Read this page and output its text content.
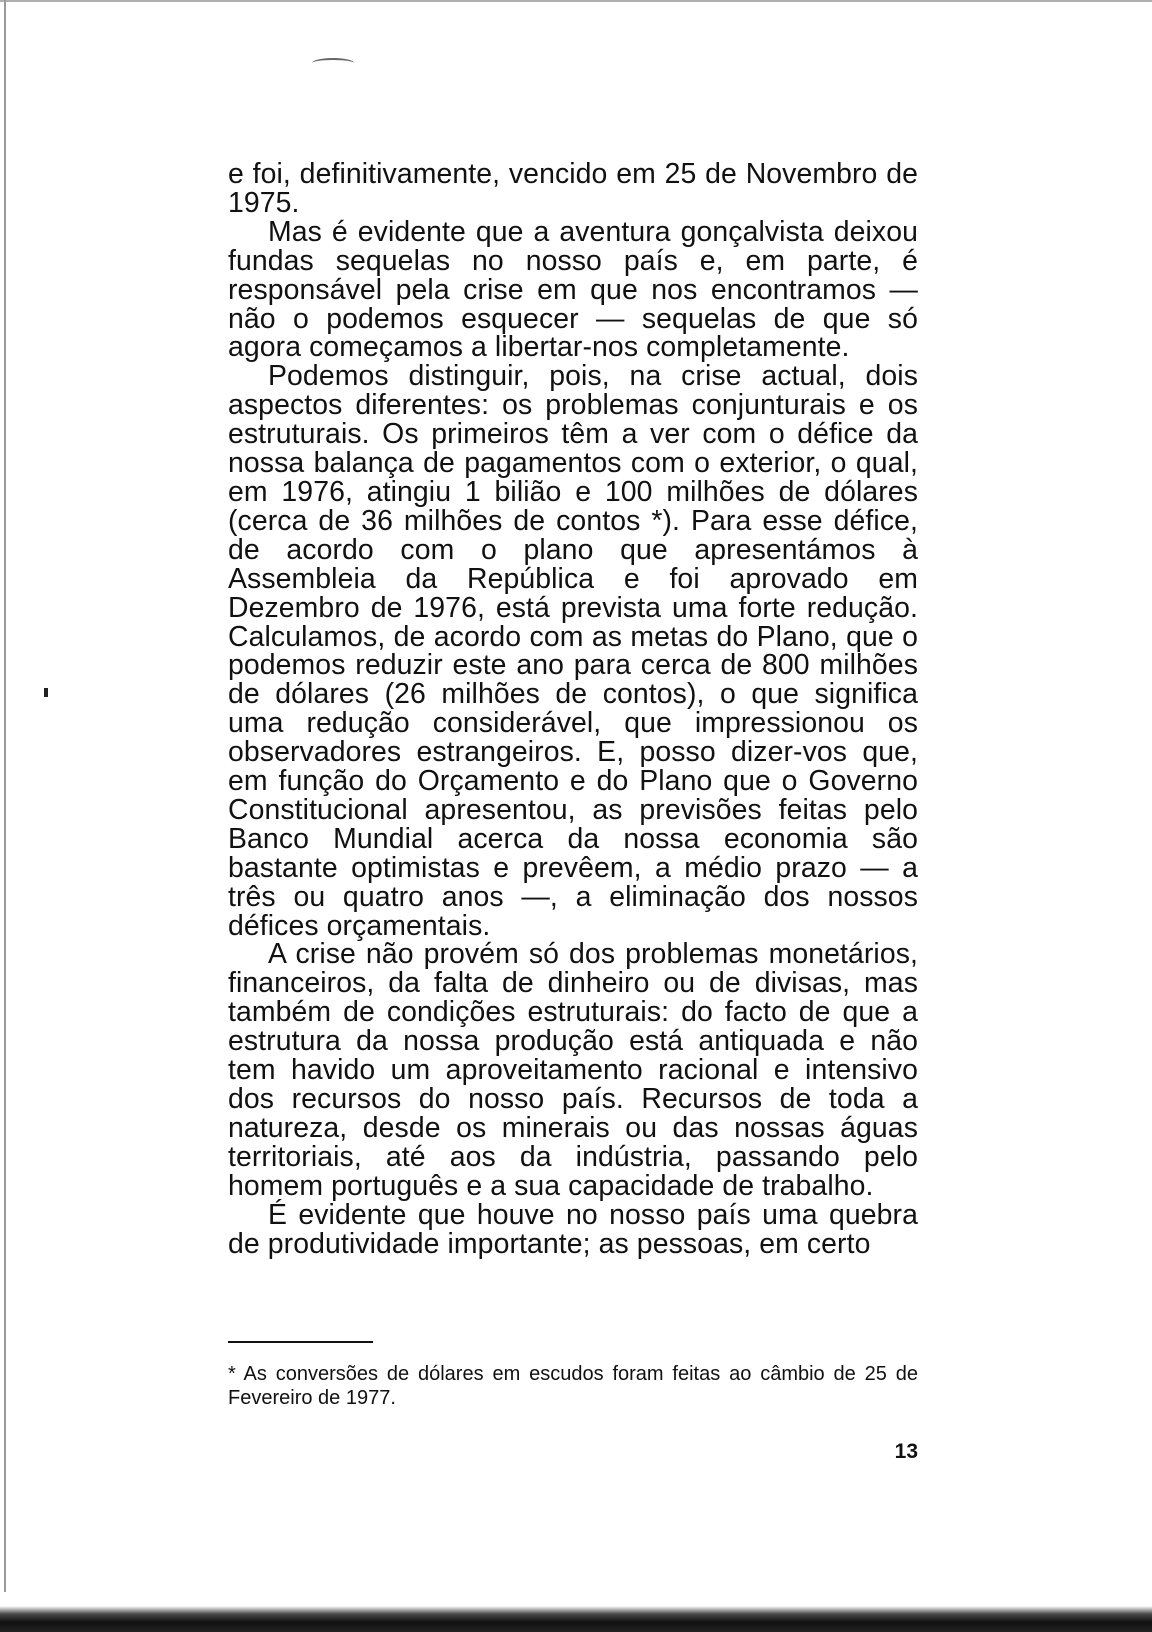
e foi, definitivamente, vencido em 25 de Novembro de 1975.

Mas é evidente que a aventura gonçalvista deixou fundas sequelas no nosso país e, em parte, é responsável pela crise em que nos encontramos — não o podemos esquecer — sequelas de que só agora começamos a libertar-nos completamente.

Podemos distinguir, pois, na crise actual, dois aspectos diferentes: os problemas conjunturais e os estruturais. Os primeiros têm a ver com o défice da nossa balança de pagamentos com o exterior, o qual, em 1976, atingiu 1 bilião e 100 milhões de dólares (cerca de 36 milhões de contos *). Para esse défice, de acordo com o plano que apresentámos à Assembleia da República e foi aprovado em Dezembro de 1976, está prevista uma forte redução. Calculamos, de acordo com as metas do Plano, que o podemos reduzir este ano para cerca de 800 milhões de dólares (26 milhões de contos), o que significa uma redução considerável, que impressionou os observadores estrangeiros. E, posso dizer-vos que, em função do Orçamento e do Plano que o Governo Constitucional apresentou, as previsões feitas pelo Banco Mundial acerca da nossa economia são bastante optimistas e prevêem, a médio prazo — a três ou quatro anos —, a eliminação dos nossos défices orçamentais.

A crise não provém só dos problemas monetários, financeiros, da falta de dinheiro ou de divisas, mas também de condições estruturais: do facto de que a estrutura da nossa produção está antiquada e não tem havido um aproveitamento racional e intensivo dos recursos do nosso país. Recursos de toda a natureza, desde os minerais ou das nossas águas territoriais, até aos da indústria, passando pelo homem português e a sua capacidade de trabalho.

É evidente que houve no nosso país uma quebra de produtividade importante; as pessoas, em certo

* As conversões de dólares em escudos foram feitas ao câmbio de 25 de Fevereiro de 1977.
13
